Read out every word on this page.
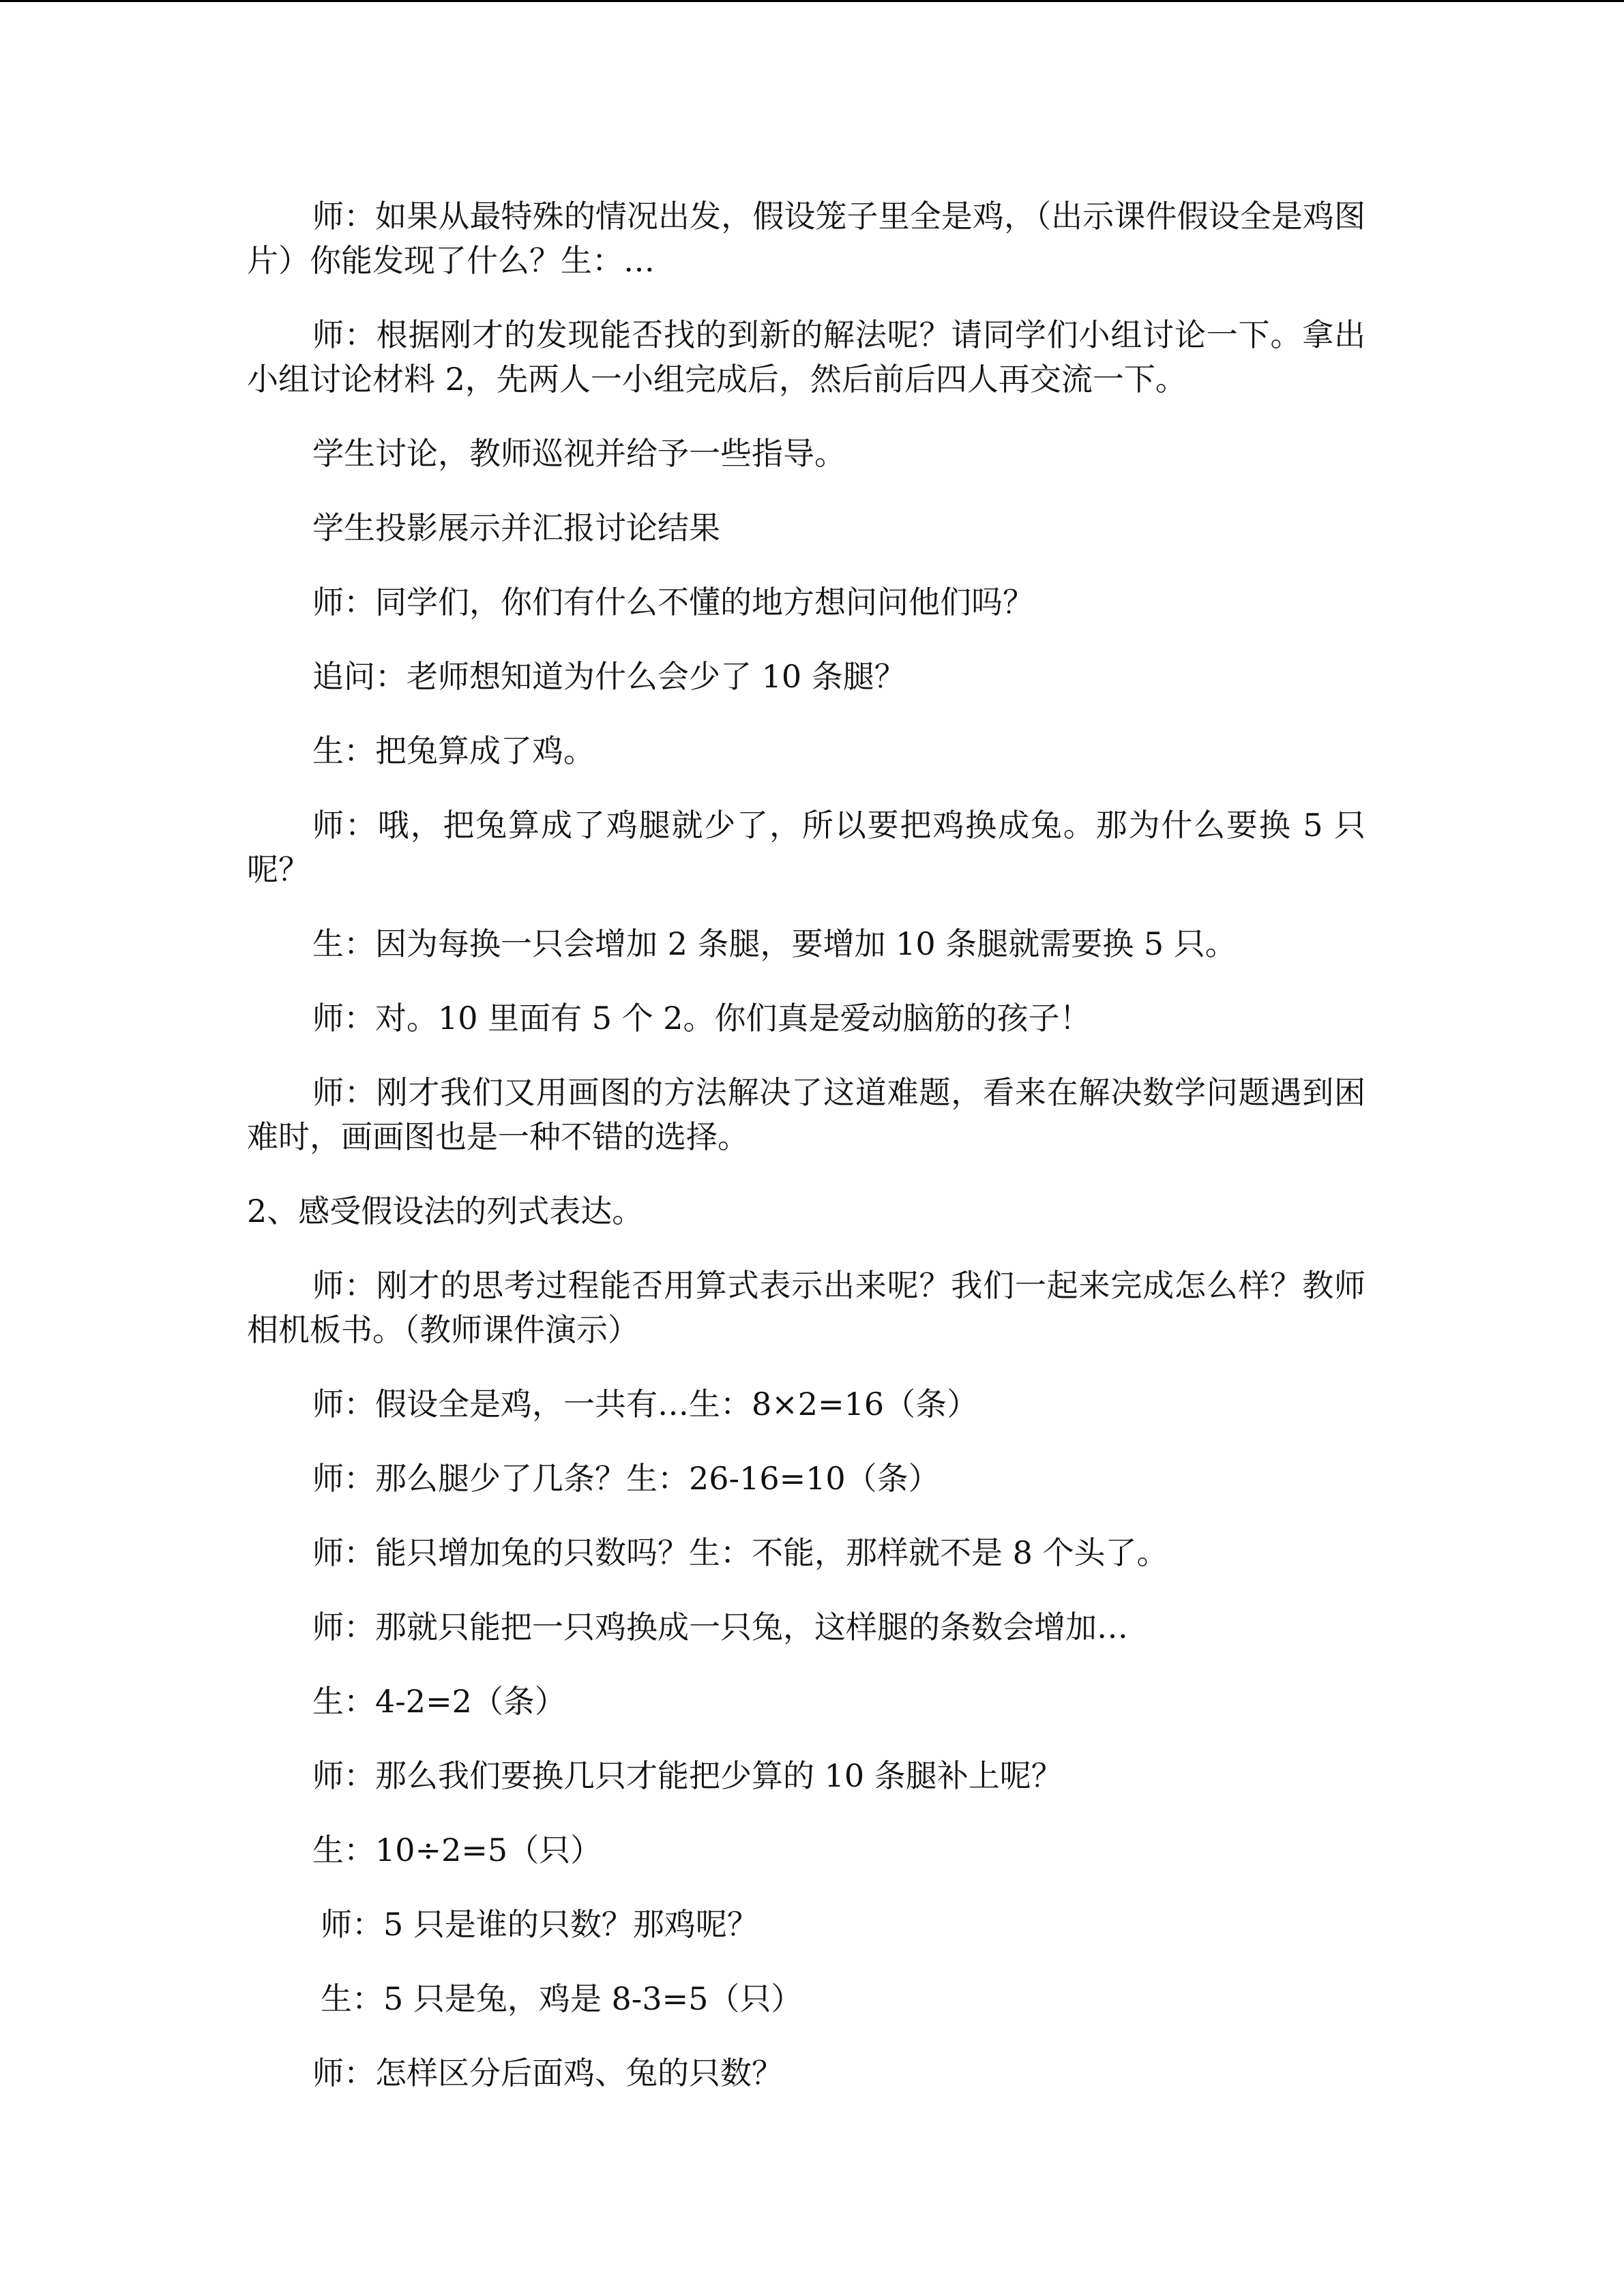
师：如果从最特殊的情况出发，假设笼子里全是鸡，（出示课件假设全是鸡图片）你能发现了什么？生：…

师：根据刚才的发现能否找的到新的解法呢？请同学们小组讨论一下。拿出小组讨论材料 2，先两人一小组完成后，然后前后四人再交流一下。

学生讨论，教师巡视并给予一些指导。

学生投影展示并汇报讨论结果

师：同学们，你们有什么不懂的地方想问问他们吗？

追问：老师想知道为什么会少了 10 条腿？

生：把兔算成了鸡。

师：哦，把兔算成了鸡腿就少了，所以要把鸡换成兔。那为什么要换 5 只呢？

生：因为每换一只会增加 2 条腿，要增加 10 条腿就需要换 5 只。

师：对。10 里面有 5 个 2。你们真是爱动脑筋的孩子！

师：刚才我们又用画图的方法解决了这道难题，看来在解决数学问题遇到困难时，画画图也是一种不错的选择。

2、感受假设法的列式表达。

师：刚才的思考过程能否用算式表示出来呢？我们一起来完成怎么样？教师相机板书。（教师课件演示）

师：假设全是鸡，一共有…生：8×2=16（条）

师：那么腿少了几条？生：26-16=10（条）

师：能只增加兔的只数吗？生：不能，那样就不是 8 个头了。

师：那就只能把一只鸡换成一只兔，这样腿的条数会增加…

生：4-2=2（条）

师：那么我们要换几只才能把少算的 10 条腿补上呢？

生：10÷2=5（只）

师：5 只是谁的只数？那鸡呢？

生：5 只是兔，鸡是 8-3=5（只）

师：怎样区分后面鸡、兔的只数？
